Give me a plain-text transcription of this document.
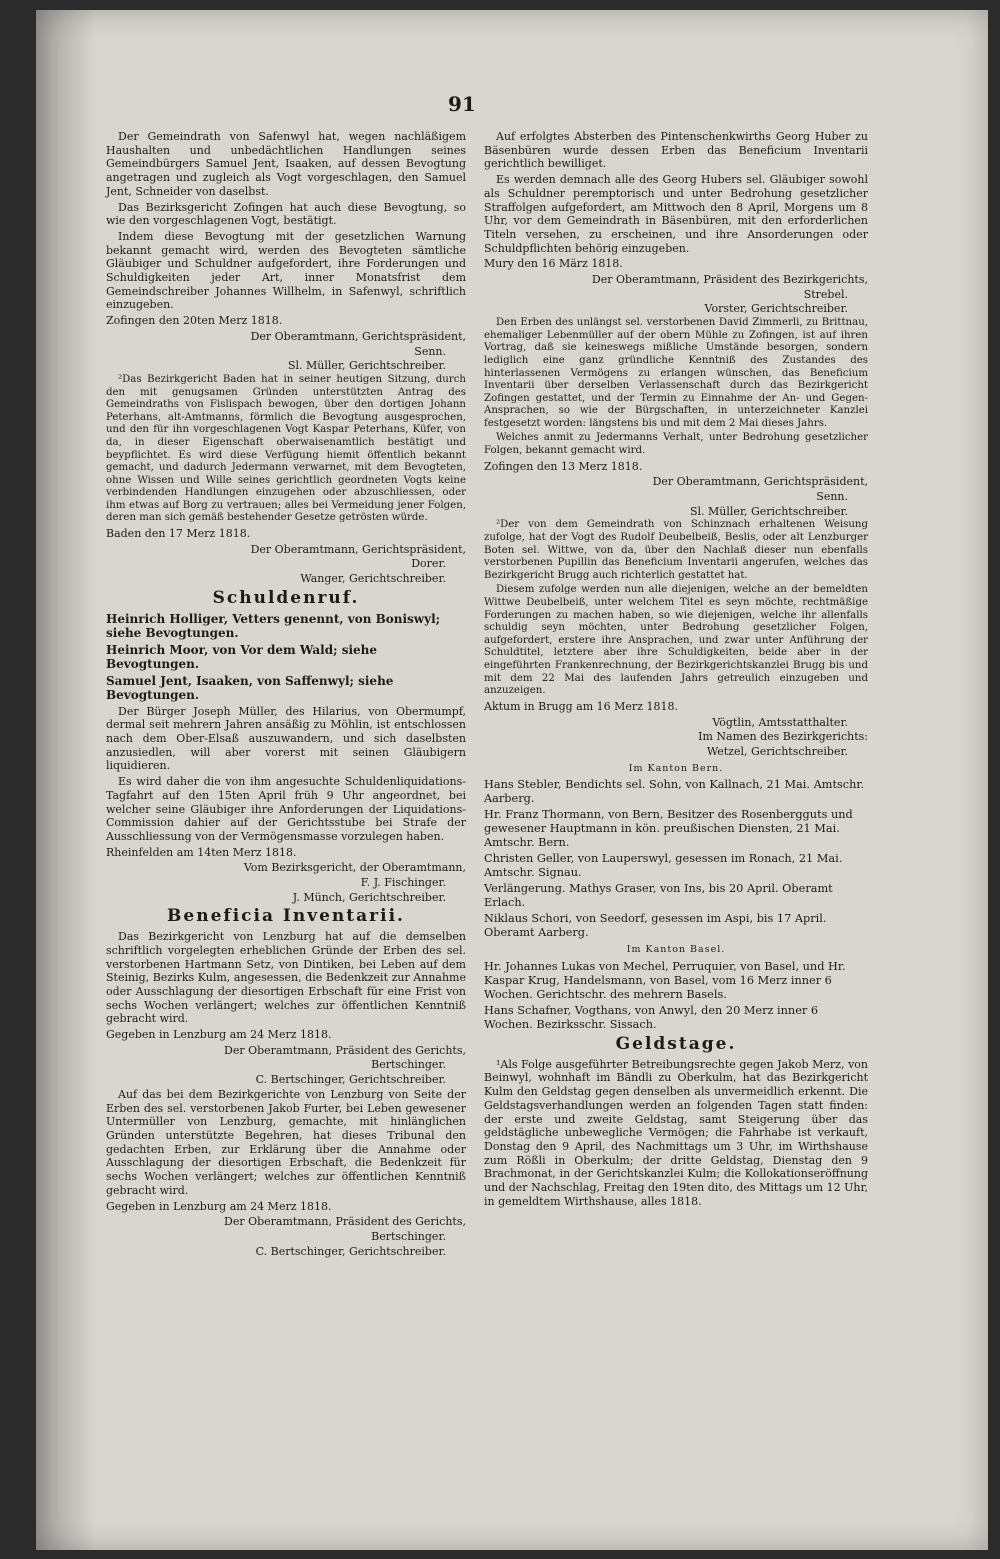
91
Der Gemeindrath von Safenwyl hat, wegen nachläßigem Haushalten und unbedächtlichen Handlungen seines Gemeindbürgers Samuel Jent, Isaaken, auf dessen Bevogtung angetragen und zugleich als Vogt vorgeschlagen, den Samuel Jent, Schneider von daselbst.
Das Bezirksgericht Zofingen hat auch diese Bevogtung, so wie den vorgeschlagenen Vogt, bestätigt.
Indem diese Bevogtung mit der gesetzlichen Warnung bekannt gemacht wird, werden des Bevogteten sämtliche Gläubiger und Schuldner aufgefordert, ihre Forderungen und Schuldigkeiten jeder Art, inner Monatsfrist dem Gemeindschreiber Johannes Willhelm, in Safenwyl, schriftlich einzugeben.
Zofingen den 20ten Merz 1818.
Der Oberamtmann, Gerichtspräsident,
Senn.
Sl. Müller, Gerichtschreiber.
²Das Bezirkgericht Baden hat in seiner heutigen Sitzung, durch den mit genugsamen Gründen unterstützten Antrag des Gemeindraths von Fislispach bewogen, über den dortigen Johann Peterhans, alt-Amtmanns, förmlich die Bevogtung ausgesprochen, und den für ihn vorgeschlagenen Vogt Kaspar Peterhans, Küfer, von da, in dieser Eigenschaft oberwaisenamtlich bestätigt und beypflichtet. Es wird diese Verfügung hiemit öffentlich bekannt gemacht, und dadurch Jedermann verwarnet, mit dem Bevogteten, ohne Wissen und Wille seines gerichtlich geordneten Vogts keine verbindenden Handlungen einzugehen oder abzuschliessen, oder ihm etwas auf Borg zu vertrauen; alles bei Vermeidung jener Folgen, deren man sich gemäß bestehender Gesetze getrösten würde.
Baden den 17 Merz 1818.
Der Oberamtmann, Gerichtspräsident,
Dorer.
Wanger, Gerichtschreiber.
Schuldenruf.
Heinrich Holliger, Vetters genennt, von Boniswyl; siehe Bevogtungen.
Heinrich Moor, von Vor dem Wald; siehe Bevogtungen.
Samuel Jent, Isaaken, von Saffenwyl; siehe Bevogtungen.
Der Bürger Joseph Müller, des Hilarius, von Obermumpf, dermal seit mehrern Jahren ansäßig zu Möhlin, ist entschlossen nach dem Ober-Elsaß auszuwandern, und sich daselbsten anzusiedlen, will aber vorerst mit seinen Gläubigern liquidieren.
Es wird daher die von ihm angesuchte Schuldenliquidations-Tagfahrt auf den 15ten April früh 9 Uhr angeordnet, bei welcher seine Gläubiger ihre Anforderungen der Liquidations-Commission dahier auf der Gerichtsstube bei Strafe der Ausschliessung von der Vermögensmasse vorzulegen haben.
Rheinfelden am 14ten Merz 1818.
Vom Bezirksgericht, der Oberamtmann,
F. J. Fischinger.
J. Münch, Gerichtschreiber.
Beneficia Inventarii.
Das Bezirkgericht von Lenzburg hat auf die demselben schriftlich vorgelegten erheblichen Gründe der Erben des sel. verstorbenen Hartmann Setz, von Dintiken, bei Leben auf dem Steinig, Bezirks Kulm, angesessen, die Bedenkzeit zur Annahme oder Ausschlagung der diesortigen Erbschaft für eine Frist von sechs Wochen verlängert; welches zur öffentlichen Kenntniß gebracht wird.
Gegeben in Lenzburg am 24 Merz 1818.
Der Oberamtmann, Präsident des Gerichts,
Bertschinger.
C. Bertschinger, Gerichtschreiber.
Auf das bei dem Bezirkgerichte von Lenzburg von Seite der Erben des sel. verstorbenen Jakob Furter, bei Leben gewesener Untermüller von Lenzburg, gemachte, mit hinlänglichen Gründen unterstützte Begehren, hat dieses Tribunal den gedachten Erben, zur Erklärung über die Annahme oder Ausschlagung der diesortigen Erbschaft, die Bedenkzeit für sechs Wochen verlängert; welches zur öffentlichen Kenntniß gebracht wird.
Gegeben in Lenzburg am 24 Merz 1818.
Der Oberamtmann, Präsident des Gerichts,
Bertschinger.
C. Bertschinger, Gerichtschreiber.
Auf erfolgtes Absterben des Pintenschenkwirths Georg Huber zu Bäsenbüren wurde dessen Erben das Beneficium Inventarii gerichtlich bewilliget.
Es werden demnach alle des Georg Hubers sel. Gläubiger sowohl als Schuldner peremptorisch und unter Bedrohung gesetzlicher Straffolgen aufgefordert, am Mittwoch den 8 April, Morgens um 8 Uhr, vor dem Gemeindrath in Bäsenbüren, mit den erforderlichen Titeln versehen, zu erscheinen, und ihre Ansorderungen oder Schuldpflichten behörig einzugeben.
Mury den 16 März 1818.
Der Oberamtmann, Präsident des Bezirkgerichts,
Strebel.
Vorster, Gerichtschreiber.
Den Erben des unlängst sel. verstorbenen David Zimmerli, zu Brittnau, ehemaliger Lebenmüller auf der obern Mühle zu Zofingen, ist auf ihren Vortrag, daß sie keineswegs mißliche Umstände besorgen, sondern lediglich eine ganz gründliche Kenntniß des Zustandes des hinterlassenen Vermögens zu erlangen wünschen, das Beneficium Inventarii über derselben Verlassenschaft durch das Bezirkgericht Zofingen gestattet, und der Termin zu Einnahme der An- und Gegen-Ansprachen, so wie der Bürgschaften, in unterzeichneter Kanzlei festgesetzt worden: längstens bis und mit dem 2 Mai dieses Jahrs.
Welches anmit zu Jedermanns Verhalt, unter Bedrohung gesetzlicher Folgen, bekannt gemacht wird.
Zofingen den 13 Merz 1818.
Der Oberamtmann, Gerichtspräsident,
Senn.
Sl. Müller, Gerichtschreiber.
²Der von dem Gemeindrath von Schinznach erhaltenen Weisung zufolge, hat der Vogt des Rudolf Deubelbeiß, Beslis, oder alt Lenzburger Boten sel. Wittwe, von da, über den Nachlaß dieser nun ebenfalls verstorbenen Pupillin das Beneficium Inventarii angerufen, welches das Bezirkgericht Brugg auch richterlich gestattet hat.
Diesem zufolge werden nun alle diejenigen, welche an der bemeldten Wittwe Deubelbeiß, unter welchem Titel es seyn möchte, rechtmäßige Forderungen zu machen haben, so wie diejenigen, welche ihr allenfalls schuldig seyn möchten, unter Bedrohung gesetzlicher Folgen, aufgefordert, erstere ihre Ansprachen, und zwar unter Anführung der Schuldtitel, letztere aber ihre Schuldigkeiten, beide aber in der eingeführten Frankenrechnung, der Bezirkgerichtskanzlei Brugg bis und mit dem 22 Mai des laufenden Jahrs getreulich einzugeben und anzuzeigen.
Aktum in Brugg am 16 Merz 1818.
Vögtlin, Amtsstatthalter.
Im Namen des Bezirkgerichts:
Wetzel, Gerichtschreiber.
Im Kanton Bern.
Hans Stebler, Bendichts sel. Sohn, von Kallnach, 21 Mai. Amtschr. Aarberg.
Hr. Franz Thormann, von Bern, Besitzer des Rosenbergguts und gewesener Hauptmann in kön. preußischen Diensten, 21 Mai. Amtschr. Bern.
Christen Geller, von Lauperswyl, gesessen im Ronach, 21 Mai. Amtschr. Signau.
Verlängerung. Mathys Graser, von Ins, bis 20 April. Oberamt Erlach.
Niklaus Schori, von Seedorf, gesessen im Aspi, bis 17 April. Oberamt Aarberg.
Im Kanton Basel.
Hr. Johannes Lukas von Mechel, Perruquier, von Basel, und Hr. Kaspar Krug, Handelsmann, von Basel, vom 16 Merz inner 6 Wochen. Gerichtschr. des mehrern Basels.
Hans Schafner, Vogthans, von Anwyl, den 20 Merz inner 6 Wochen. Bezirksschr. Sissach.
Geldstage.
¹Als Folge ausgeführter Betreibungsrechte gegen Jakob Merz, von Beinwyl, wohnhaft im Bändli zu Oberkulm, hat das Bezirkgericht Kulm den Geldstag gegen denselben als unvermeidlich erkennt. Die Geldstagsverhandlungen werden an folgenden Tagen statt finden: der erste und zweite Geldstag, samt Steigerung über das geldstägliche unbewegliche Vermögen; die Fahrhabe ist verkauft, Donstag den 9 April, des Nachmittags um 3 Uhr, im Wirthshause zum Rößli in Oberkulm; der dritte Geldstag, Dienstag den 9 Brachmonat, in der Gerichtskanzlei Kulm; die Kollokationseröffnung und der Nachschlag, Freitag den 19ten dito, des Mittags um 12 Uhr, in gemeldtem Wirthshause, alles 1818.
